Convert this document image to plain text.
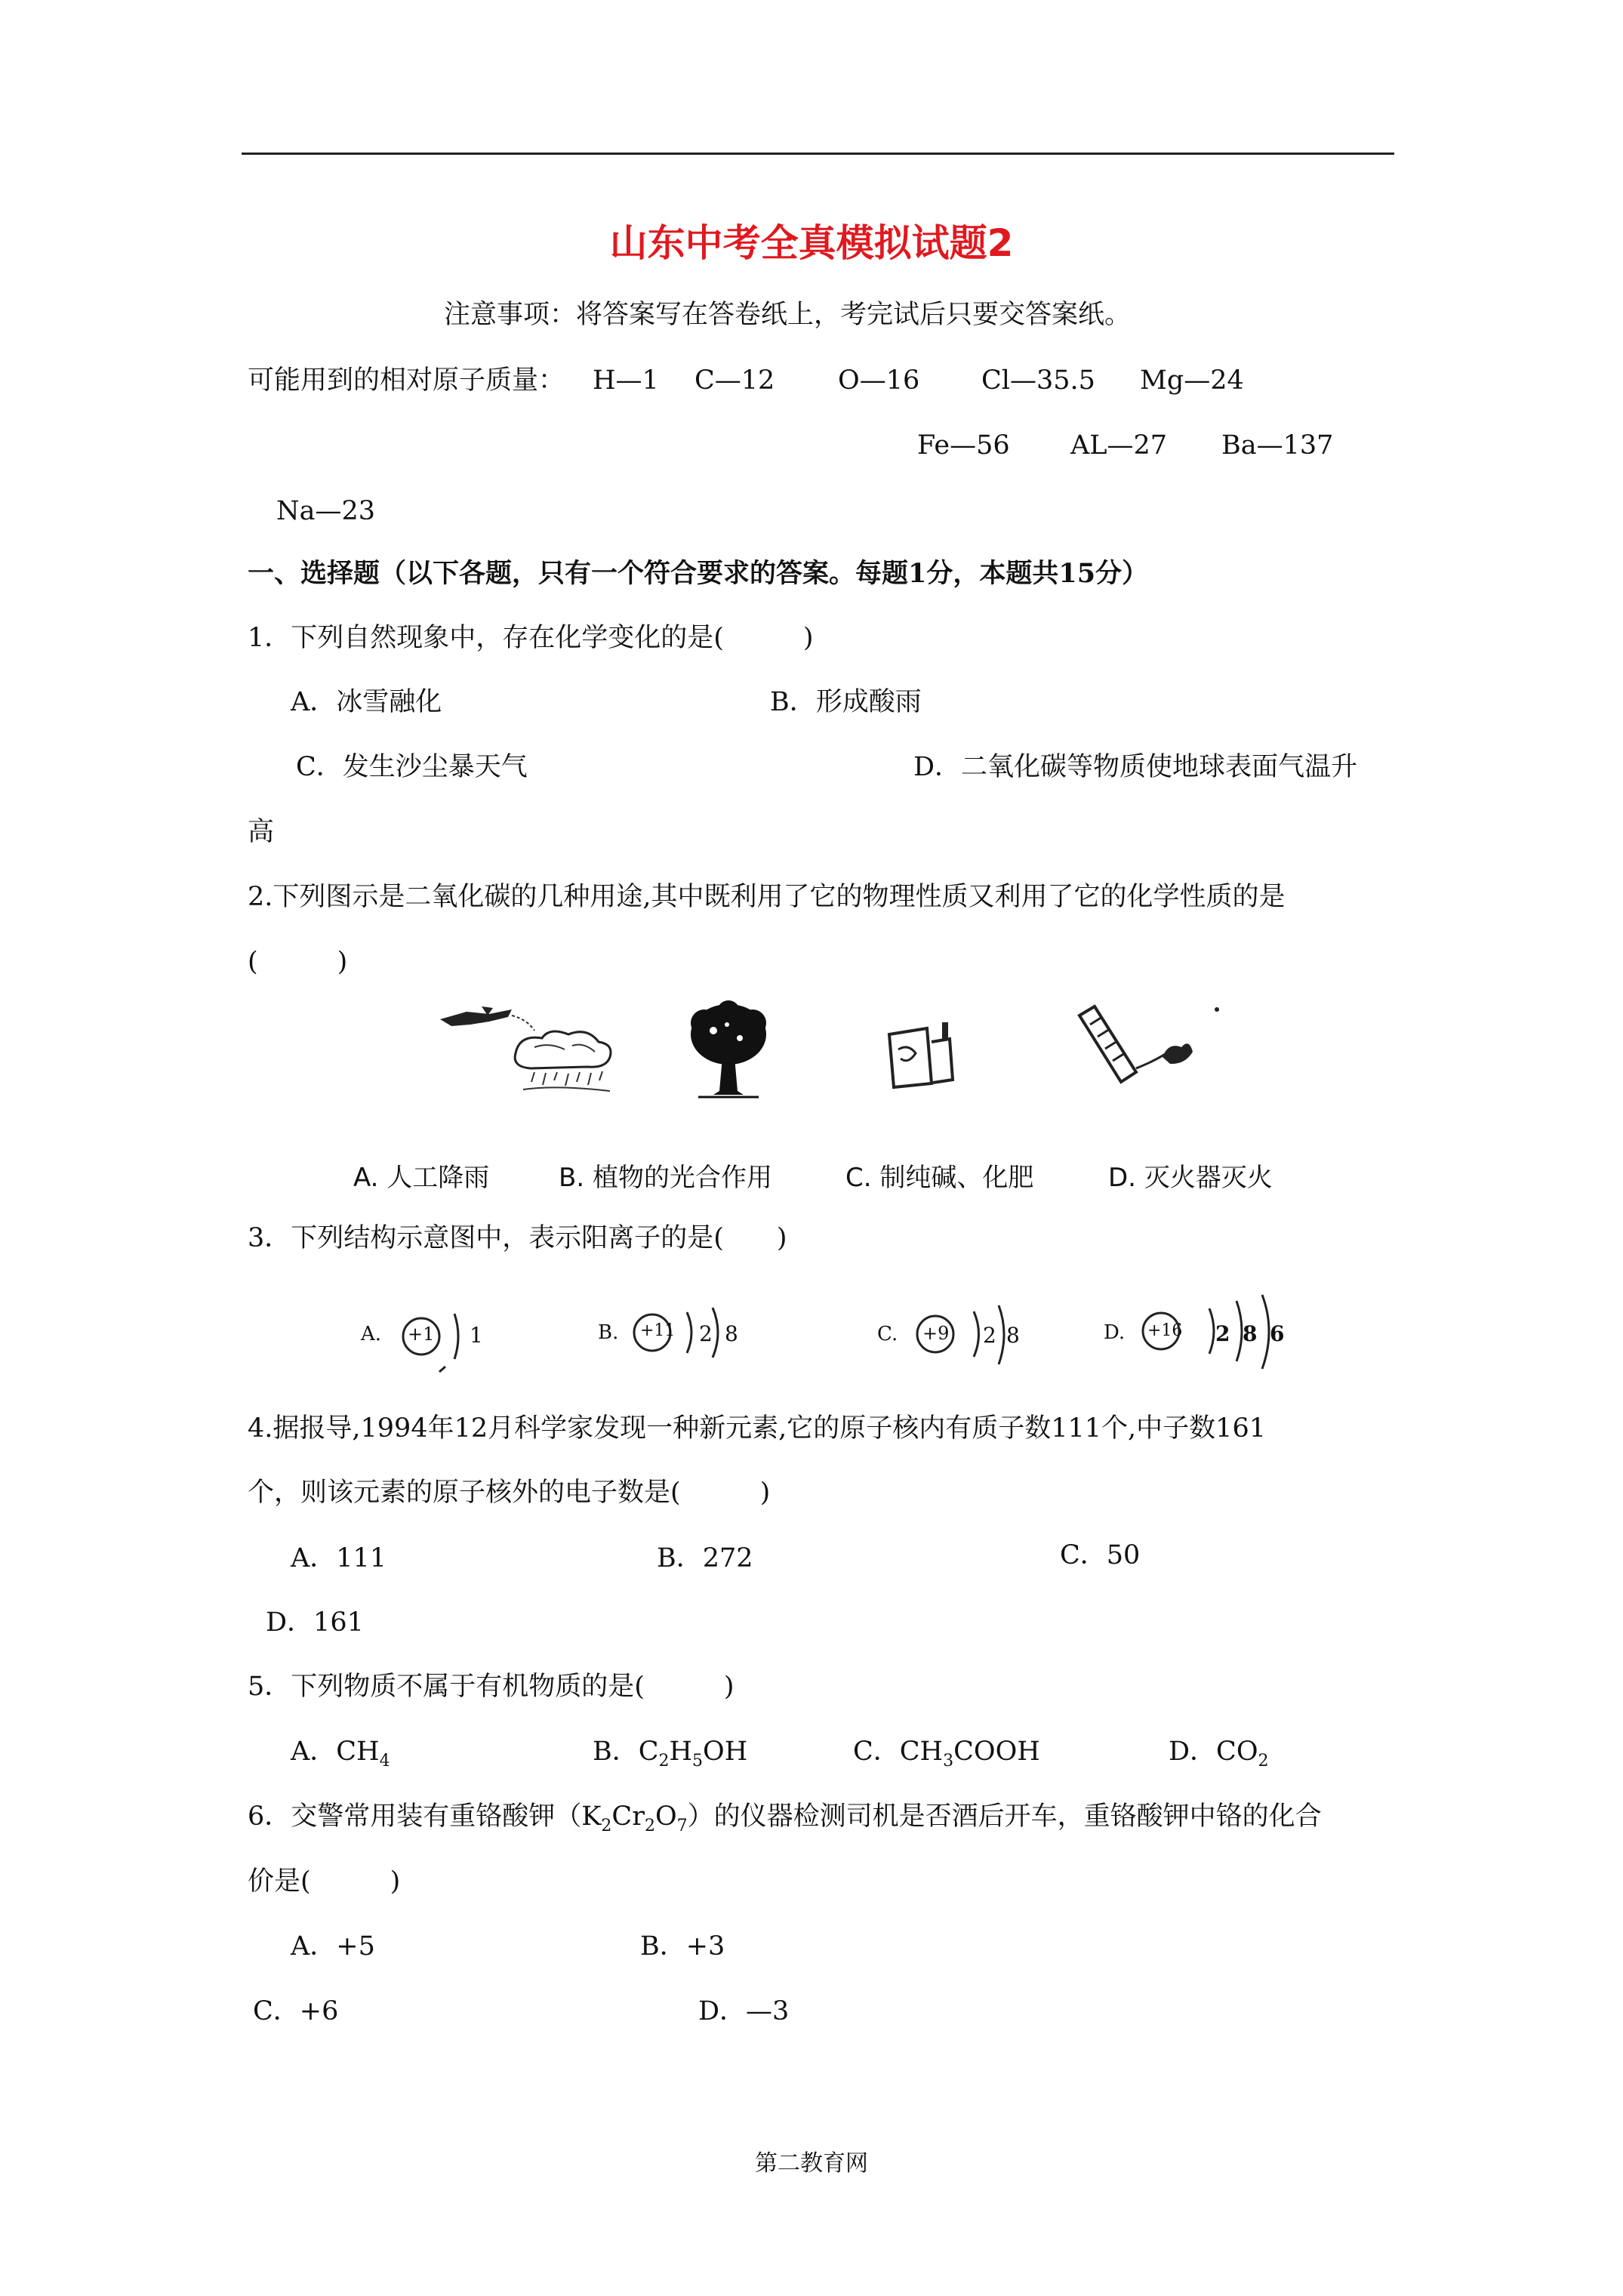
山东中考全真模拟试题2
注意事项：将答案写在答卷纸上，考完试后只要交答案纸。
可能用到的相对原子质量： H—1 C—12 O—16 Cl—35.5 Mg—24
Fe—56 AL—27 Ba—137
Na—23
一、选择题（以下各题，只有一个符合要求的答案。每题1分，本题共15分）
1．下列自然现象中，存在化学变化的是(　　　)
A．冰雪融化	B．形成酸雨
C．发生沙尘暴天气	D．二氧化碳等物质使地球表面气温升
高
2.下列图示是二氧化碳的几种用途,其中既利用了它的物理性质又利用了它的化学性质的是
(　　　)
A. 人工降雨	B. 植物的光合作用	C. 制纯碱、化肥	D. 灭火器灭火
3．下列结构示意图中，表示阳离子的是(　　)
A. +1 1	B. +11 2 8	C. +9 2 8	D. +16 2 8 6
4.据报导,1994年12月科学家发现一种新元素,它的原子核内有质子数111个,中子数161
个，则该元素的原子核外的电子数是(　　　)
A．111	B．272	C．50
D．161
5．下列物质不属于有机物质的是(　　　)
A．$CH_4$	B．$C_2H_5OH$	C．$CH_3COOH$	D．$CO_2$
6．交警常用装有重铬酸钾$(K_2Cr_2O_7)$的仪器检测司机是否酒后开车，重铬酸钾中铬的化合
价是(　　　)
A．+5	B．+3
C．+6	D．—3
第二教育网
